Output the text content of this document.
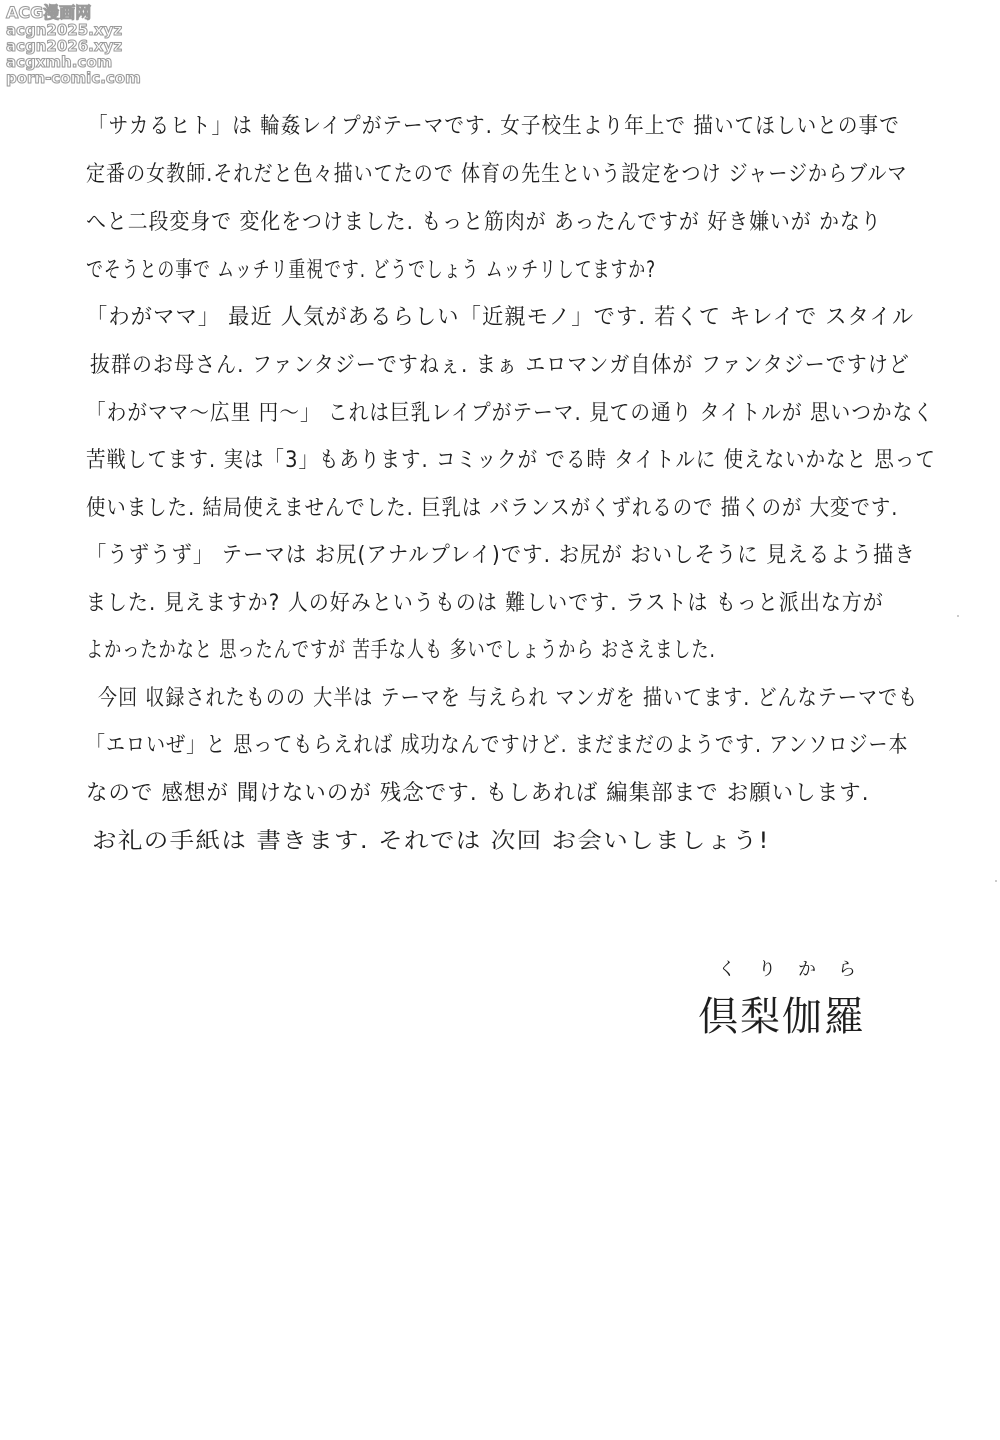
ACG漫画网
acgn2025.xyz
acgn2026.xyz
acgxmh.com
porn-comic.com
「サカるヒト」は 輪姦レイプがテーマです. 女子校生より年上で 描いてほしいとの事で
定番の女教師.それだと色々描いてたので 体育の先生という設定をつけ ジャージからブルマ
へと二段変身で 変化をつけました. もっと筋肉が あったんですが 好き嫌いが かなり
でそうとの事で ムッチリ重視です. どうでしょう ムッチリしてますか?
「わがママ」 最近 人気があるらしい「近親モノ」です. 若くて キレイで スタイル
抜群のお母さん. ファンタジーですねぇ. まぁ エロマンガ自体が ファンタジーですけど
「わがママ〜広里 円〜」 これは巨乳レイプがテーマ. 見ての通り タイトルが 思いつかなく
苦戦してます. 実は「3」もあります. コミックが でる時 タイトルに 使えないかなと 思って
使いました. 結局使えませんでした. 巨乳は バランスがくずれるので 描くのが 大変です.
「うずうず」 テーマは お尻(アナルプレイ)です. お尻が おいしそうに 見えるよう描き
ました. 見えますか? 人の好みというものは 難しいです. ラストは もっと派出な方が
よかったかなと 思ったんですが 苦手な人も 多いでしょうから おさえました.
今回 収録されたものの 大半は テーマを 与えられ マンガを 描いてます. どんなテーマでも
「エロいぜ」と 思ってもらえれば 成功なんですけど. まだまだのようです. アンソロジー本
なので 感想が 聞けないのが 残念です. もしあれば 編集部まで お願いします.
お礼の手紙は 書きます. それでは 次回 お会いしましょう!
くりから
倶梨伽羅
